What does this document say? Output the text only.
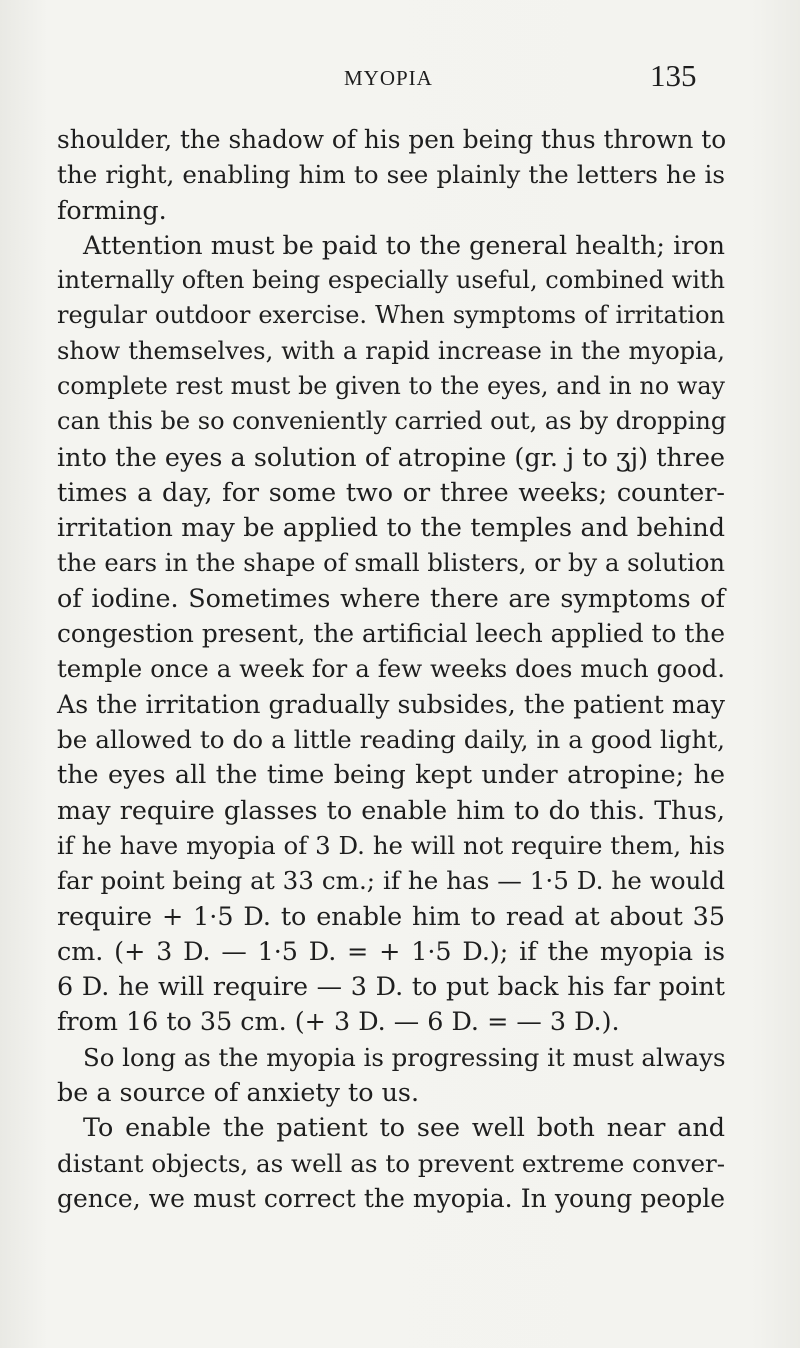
MYOPIA	135
shoulder, the shadow of his pen being thus thrown to
the right, enabling him to see plainly the letters he is
forming.
Attention must be paid to the general health; iron
internally often being especially useful, combined with
regular outdoor exercise. When symptoms of irritation
show themselves, with a rapid increase in the myopia,
complete rest must be given to the eyes, and in no way
can this be so conveniently carried out, as by dropping
into the eyes a solution of atropine (gr. j to ʒj) three
times a day, for some two or three weeks; counter-
irritation may be applied to the temples and behind
the ears in the shape of small blisters, or by a solution
of iodine. Sometimes where there are symptoms of
congestion present, the artificial leech applied to the
temple once a week for a few weeks does much good.
As the irritation gradually subsides, the patient may
be allowed to do a little reading daily, in a good light,
the eyes all the time being kept under atropine; he
may require glasses to enable him to do this. Thus,
if he have myopia of 3 D. he will not require them, his
far point being at 33 cm.; if he has — 1·5 D. he would
require + 1·5 D. to enable him to read at about 35
cm. (+ 3 D. — 1·5 D. = + 1·5 D.); if the myopia is
6 D. he will require — 3 D. to put back his far point
from 16 to 35 cm. (+ 3 D. — 6 D. = — 3 D.).
So long as the myopia is progressing it must always
be a source of anxiety to us.
To enable the patient to see well both near and
distant objects, as well as to prevent extreme conver-
gence, we must correct the myopia. In young people
